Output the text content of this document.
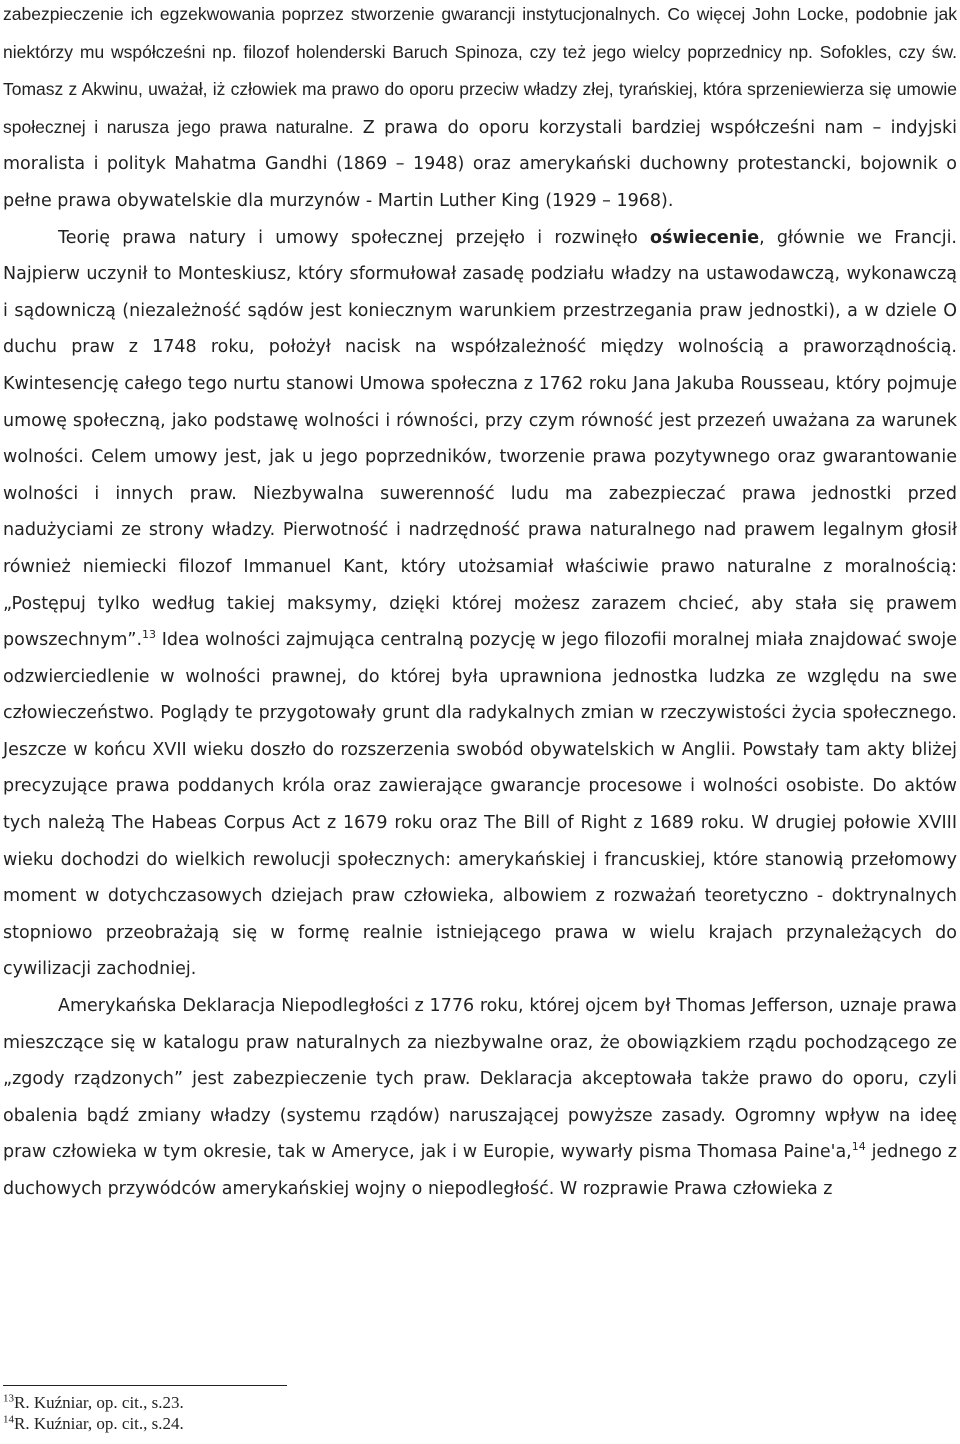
zabezpieczenie ich egzekwowania poprzez stworzenie gwarancji instytucjonalnych. Co więcej John Locke, podobnie jak niektórzy mu współcześni np. filozof holenderski Baruch Spinoza, czy też jego wielcy poprzednicy np. Sofokles, czy św. Tomasz z Akwinu, uważał, iż człowiek ma prawo do oporu przeciw władzy złej, tyrańskiej, która sprzeniewierza się umowie społecznej i narusza jego prawa naturalne. Z prawa do oporu korzystali bardziej współcześni nam – indyjski moralista i polityk Mahatma Gandhi (1869 – 1948) oraz amerykański duchowny protestancki, bojownik o pełne prawa obywatelskie dla murzynów - Martin Luther King (1929 – 1968).

Teorię prawa natury i umowy społecznej przejęło i rozwinęło oświecenie, głównie we Francji. Najpierw uczynił to Monteskiusz, który sformułował zasadę podziału władzy na ustawodawczą, wykonawczą i sądowniczą (niezależność sądów jest koniecznym warunkiem przestrzegania praw jednostki), a w dziele O duchu praw z 1748 roku, położył nacisk na współzależność między wolnością a praworządnością. Kwintesencję całego tego nurtu stanowi Umowa społeczna z 1762 roku Jana Jakuba Rousseau, który pojmuje umowę społeczną, jako podstawę wolności i równości, przy czym równość jest przezeń uważana za warunek wolności. Celem umowy jest, jak u jego poprzedników, tworzenie prawa pozytywnego oraz gwarantowanie wolności i innych praw. Niezbywalna suwerenność ludu ma zabezpieczać prawa jednostki przed nadużyciami ze strony władzy. Pierwotność i nadrzędność prawa naturalnego nad prawem legalnym głosił również niemiecki filozof Immanuel Kant, który utożsamiał właściwie prawo naturalne z moralnością: „Postępuj tylko według takiej maksymy, dzięki której możesz zarazem chcieć, aby stała się prawem powszechnym”.$^{13}$ Idea wolności zajmująca centralną pozycję w jego filozofii moralnej miała znajdować swoje odzwierciedlenie w wolności prawnej, do której była uprawniona jednostka ludzka ze względu na swe człowieczeństwo. Poglądy te przygotowały grunt dla radykalnych zmian w rzeczywistości życia społecznego. Jeszcze w końcu XVII wieku doszło do rozszerzenia swobód obywatelskich w Anglii. Powstały tam akty bliżej precyzujące prawa poddanych króla oraz zawierające gwarancje procesowe i wolności osobiste. Do aktów tych należą The Habeas Corpus Act z 1679 roku oraz The Bill of Right z 1689 roku. W drugiej połowie XVIII wieku dochodzi do wielkich rewolucji społecznych: amerykańskiej i francuskiej, które stanowią przełomowy moment w dotychczasowych dziejach praw człowieka, albowiem z rozważań teoretyczno - doktrynalnych stopniowo przeobrażają się w formę realnie istniejącego prawa w wielu krajach przynależących do cywilizacji zachodniej.

Amerykańska Deklaracja Niepodległości z 1776 roku, której ojcem był Thomas Jefferson, uznaje prawa mieszczące się w katalogu praw naturalnych za niezbywalne oraz, że obowiązkiem rządu pochodzącego ze „zgody rządzonych” jest zabezpieczenie tych praw. Deklaracja akceptowała także prawo do oporu, czyli obalenia bądź zmiany władzy (systemu rządów) naruszającej powyższe zasady. Ogromny wpływ na ideę praw człowieka w tym okresie, tak w Ameryce, jak i w Europie, wywarły pisma Thomasa Paine'a,$^{14}$ jednego z duchowych przywódców amerykańskiej wojny o niepodległość. W rozprawie Prawa człowieka z

$^{13}$R. Kuźniar, op. cit., s.23.
$^{14}$R. Kuźniar, op. cit., s.24.
